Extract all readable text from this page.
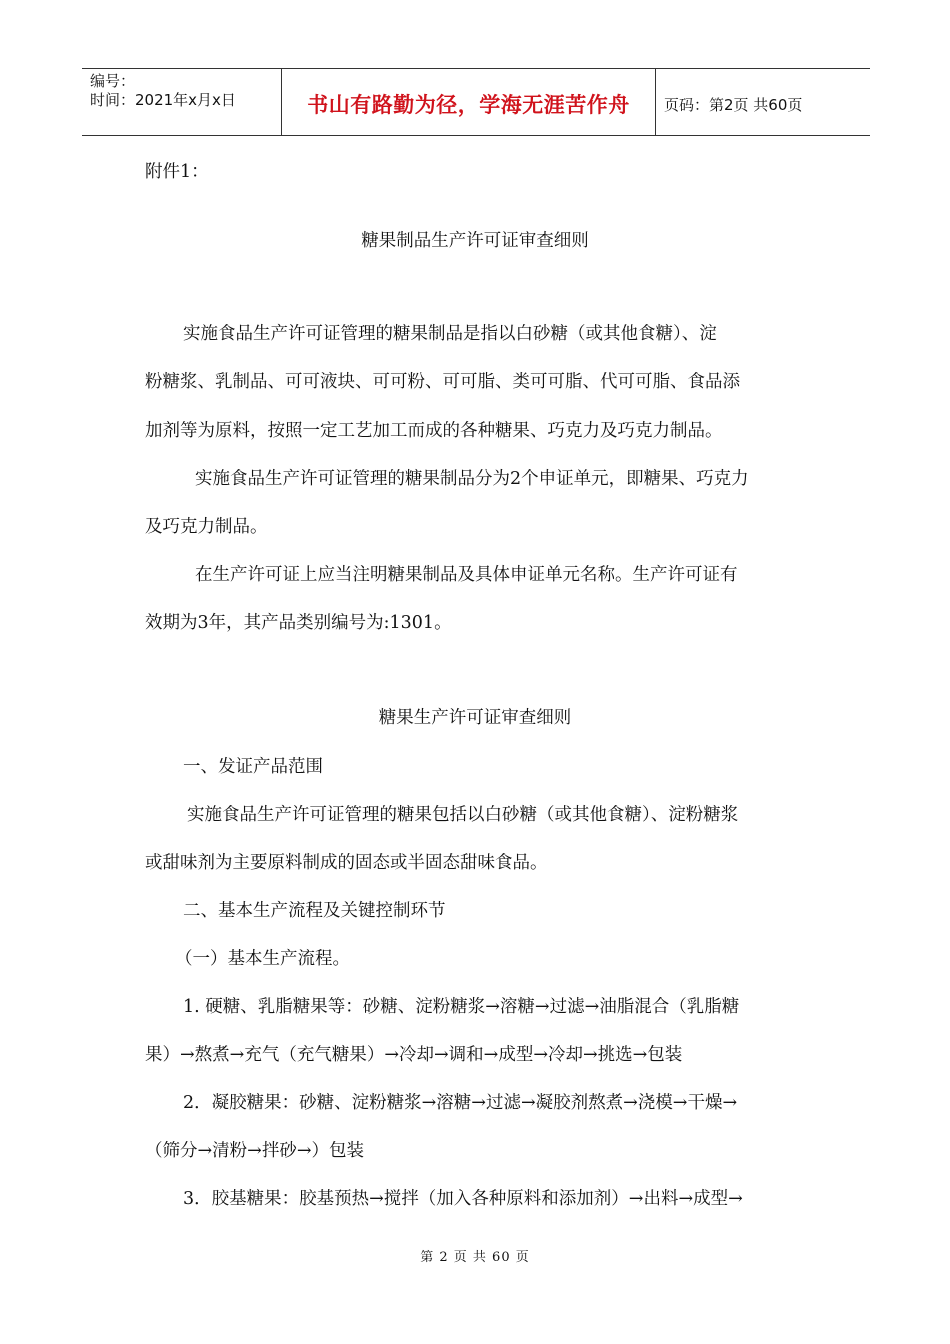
编号：
时间：2021年x月x日	书山有路勤为径，学海无涯苦作舟	页码：第2页 共60页
附件1：
糖果制品生产许可证审查细则
实施食品生产许可证管理的糖果制品是指以白砂糖（或其他食糖）、淀
粉糖浆、乳制品、可可液块、可可粉、可可脂、类可可脂、代可可脂、食品添
加剂等为原料，按照一定工艺加工而成的各种糖果、巧克力及巧克力制品。
实施食品生产许可证管理的糖果制品分为2个申证单元，即糖果、巧克力
及巧克力制品。
在生产许可证上应当注明糖果制品及具体申证单元名称。生产许可证有
效期为3年，其产品类别编号为:1301。
糖果生产许可证审查细则
一、发证产品范围
实施食品生产许可证管理的糖果包括以白砂糖（或其他食糖）、淀粉糖浆
或甜味剂为主要原料制成的固态或半固态甜味食品。
二、基本生产流程及关键控制环节
（一）基本生产流程。
1. 硬糖、乳脂糖果等：砂糖、淀粉糖浆→溶糖→过滤→油脂混合（乳脂糖
果）→熬煮→充气（充气糖果）→冷却→调和→成型→冷却→挑选→包装
2．凝胶糖果：砂糖、淀粉糖浆→溶糖→过滤→凝胶剂熬煮→浇模→干燥→
（筛分→清粉→拌砂→）包装
3．胶基糖果：胶基预热→搅拌（加入各种原料和添加剂）→出料→成型→
第 2 页 共 60 页
